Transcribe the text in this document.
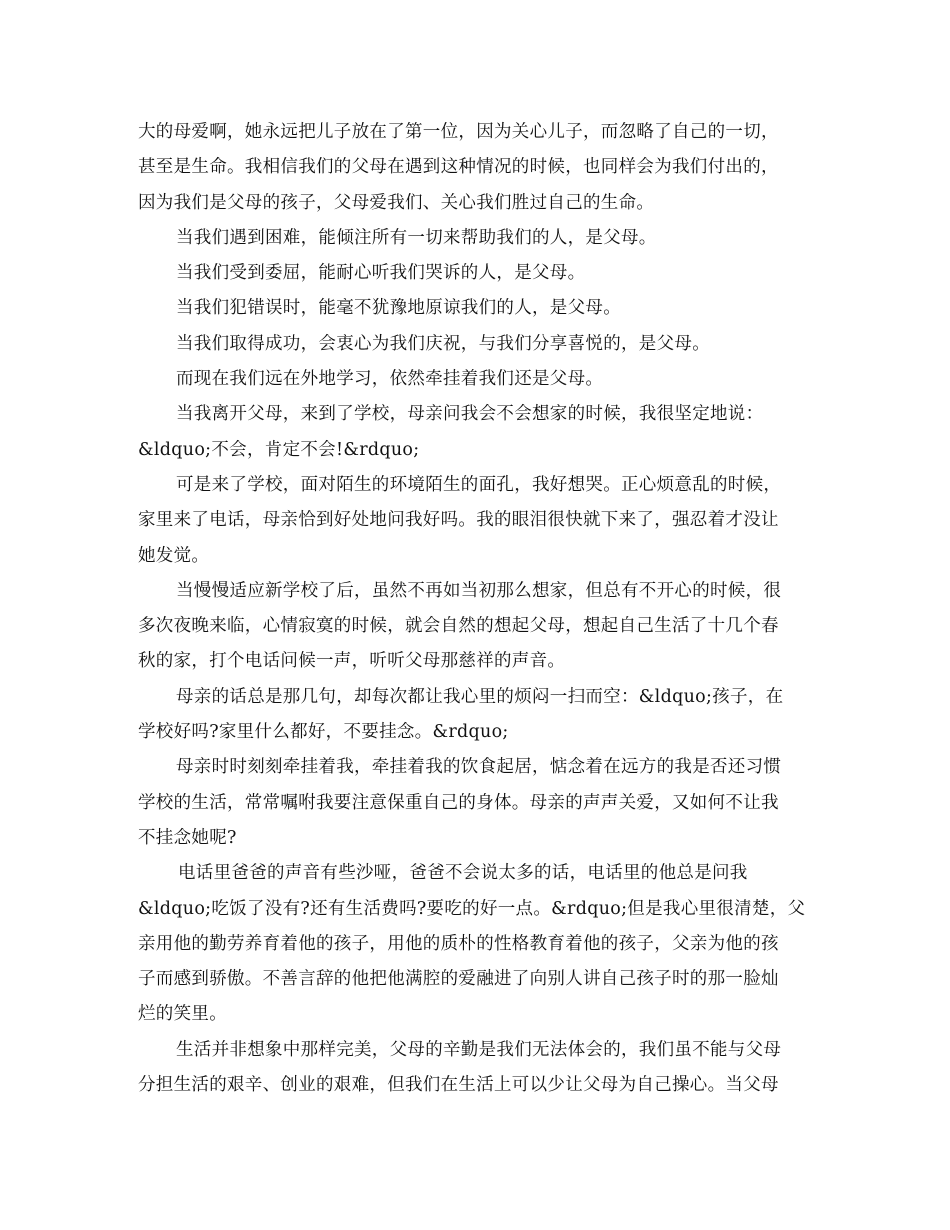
大的母爱啊，她永远把儿子放在了第一位，因为关心儿子，而忽略了自己的一切，
甚至是生命。我相信我们的父母在遇到这种情况的时候，也同样会为我们付出的，
因为我们是父母的孩子，父母爱我们、关心我们胜过自己的生命。
当我们遇到困难，能倾注所有一切来帮助我们的人，是父母。
当我们受到委屈，能耐心听我们哭诉的人，是父母。
当我们犯错误时，能毫不犹豫地原谅我们的人，是父母。
当我们取得成功，会衷心为我们庆祝，与我们分享喜悦的，是父母。
而现在我们远在外地学习，依然牵挂着我们还是父母。
当我离开父母，来到了学校，母亲问我会不会想家的时候，我很坚定地说：
&ldquo;不会，肯定不会!&rdquo;
可是来了学校，面对陌生的环境陌生的面孔，我好想哭。正心烦意乱的时候，
家里来了电话，母亲恰到好处地问我好吗。我的眼泪很快就下来了，强忍着才没让
她发觉。
当慢慢适应新学校了后，虽然不再如当初那么想家，但总有不开心的时候，很
多次夜晚来临，心情寂寞的时候，就会自然的想起父母，想起自己生活了十几个春
秋的家，打个电话问候一声，听听父母那慈祥的声音。
母亲的话总是那几句，却每次都让我心里的烦闷一扫而空：&ldquo;孩子，在
学校好吗?家里什么都好，不要挂念。&rdquo;
母亲时时刻刻牵挂着我，牵挂着我的饮食起居，惦念着在远方的我是否还习惯
学校的生活，常常嘱咐我要注意保重自己的身体。母亲的声声关爱，又如何不让我
不挂念她呢?
电话里爸爸的声音有些沙哑，爸爸不会说太多的话，电话里的他总是问我
&ldquo;吃饭了没有?还有生活费吗?要吃的好一点。&rdquo;但是我心里很清楚，父
亲用他的勤劳养育着他的孩子，用他的质朴的性格教育着他的孩子，父亲为他的孩
子而感到骄傲。不善言辞的他把他满腔的爱融进了向别人讲自己孩子时的那一脸灿
烂的笑里。
生活并非想象中那样完美，父母的辛勤是我们无法体会的，我们虽不能与父母
分担生活的艰辛、创业的艰难，但我们在生活上可以少让父母为自己操心。当父母
